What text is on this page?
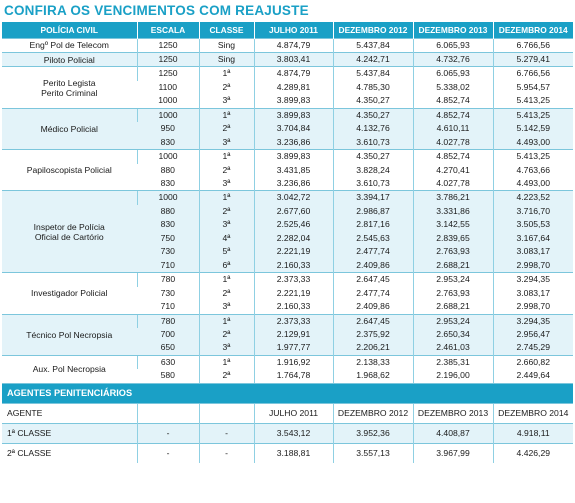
CONFIRA OS VENCIMENTOS COM REAJUSTE
POLÍCIA CIVIL	ESCALA	CLASSE	JULHO 2011	DEZEMBRO 2012	DEZEMBRO 2013	DEZEMBRO 2014
Engº Pol de Telecom	1250	Sing	4.874,79	5.437,84	6.065,93	6.766,56
Piloto Policial	1250	Sing	3.803,41	4.242,71	4.732,76	5.279,41
Perito Legista
Perito Criminal	1250	1ª	4.874,79	5.437,84	6.065,93	6.766,56
	1100	2ª	4.289,81	4.785,30	5.338,02	5.954,57
	1000	3ª	3.899,83	4.350,27	4.852,74	5.413,25
Médico Policial	1000	1ª	3.899,83	4.350,27	4.852,74	5.413,25
	950	2ª	3.704,84	4.132,76	4.610,11	5.142,59
	830	3ª	3.236,86	3.610,73	4.027,78	4.493,00
Papiloscopista Policial	1000	1ª	3.899,83	4.350,27	4.852,74	5.413,25
	880	2ª	3.431,85	3.828,24	4.270,41	4.763,66
	830	3ª	3.236,86	3.610,73	4.027,78	4.493,00
Inspetor de Polícia
Oficial de Cartório	1000	1ª	3.042,72	3.394,17	3.786,21	4.223,52
	880	2ª	2.677,60	2.986,87	3.331,86	3.716,70
	830	3ª	2.525,46	2.817,16	3.142,55	3.505,53
	750	4ª	2.282,04	2.545,63	2.839,65	3.167,64
	730	5ª	2.221,19	2.477,74	2.763,93	3.083,17
	710	6ª	2.160,33	2.409,86	2.688,21	2.998,70
Investigador Policial	780	1ª	2.373,33	2.647,45	2.953,24	3.294,35
	730	2ª	2.221,19	2.477,74	2.763,93	3.083,17
	710	3ª	2.160,33	2.409,86	2.688,21	2.998,70
Técnico Pol Necropsia	780	1ª	2.373,33	2.647,45	2.953,24	3.294,35
	700	2ª	2.129,91	2.375,92	2.650,34	2.956,47
	650	3ª	1.977,77	2.206,21	2.461,03	2.745,29
Aux. Pol Necropsia	630	1ª	1.916,92	2.138,33	2.385,31	2.660,82
	580	2ª	1.764,78	1.968,62	2.196,00	2.449,64
AGENTES PENITENCIÁRIOS						
AGENTE			JULHO 2011	DEZEMBRO 2012	DEZEMBRO 2013	DEZEMBRO 2014
1ª CLASSE	-	-	3.543,12	3.952,36	4.408,87	4.918,11
2ª CLASSE	-	-	3.188,81	3.557,13	3.967,99	4.426,29
